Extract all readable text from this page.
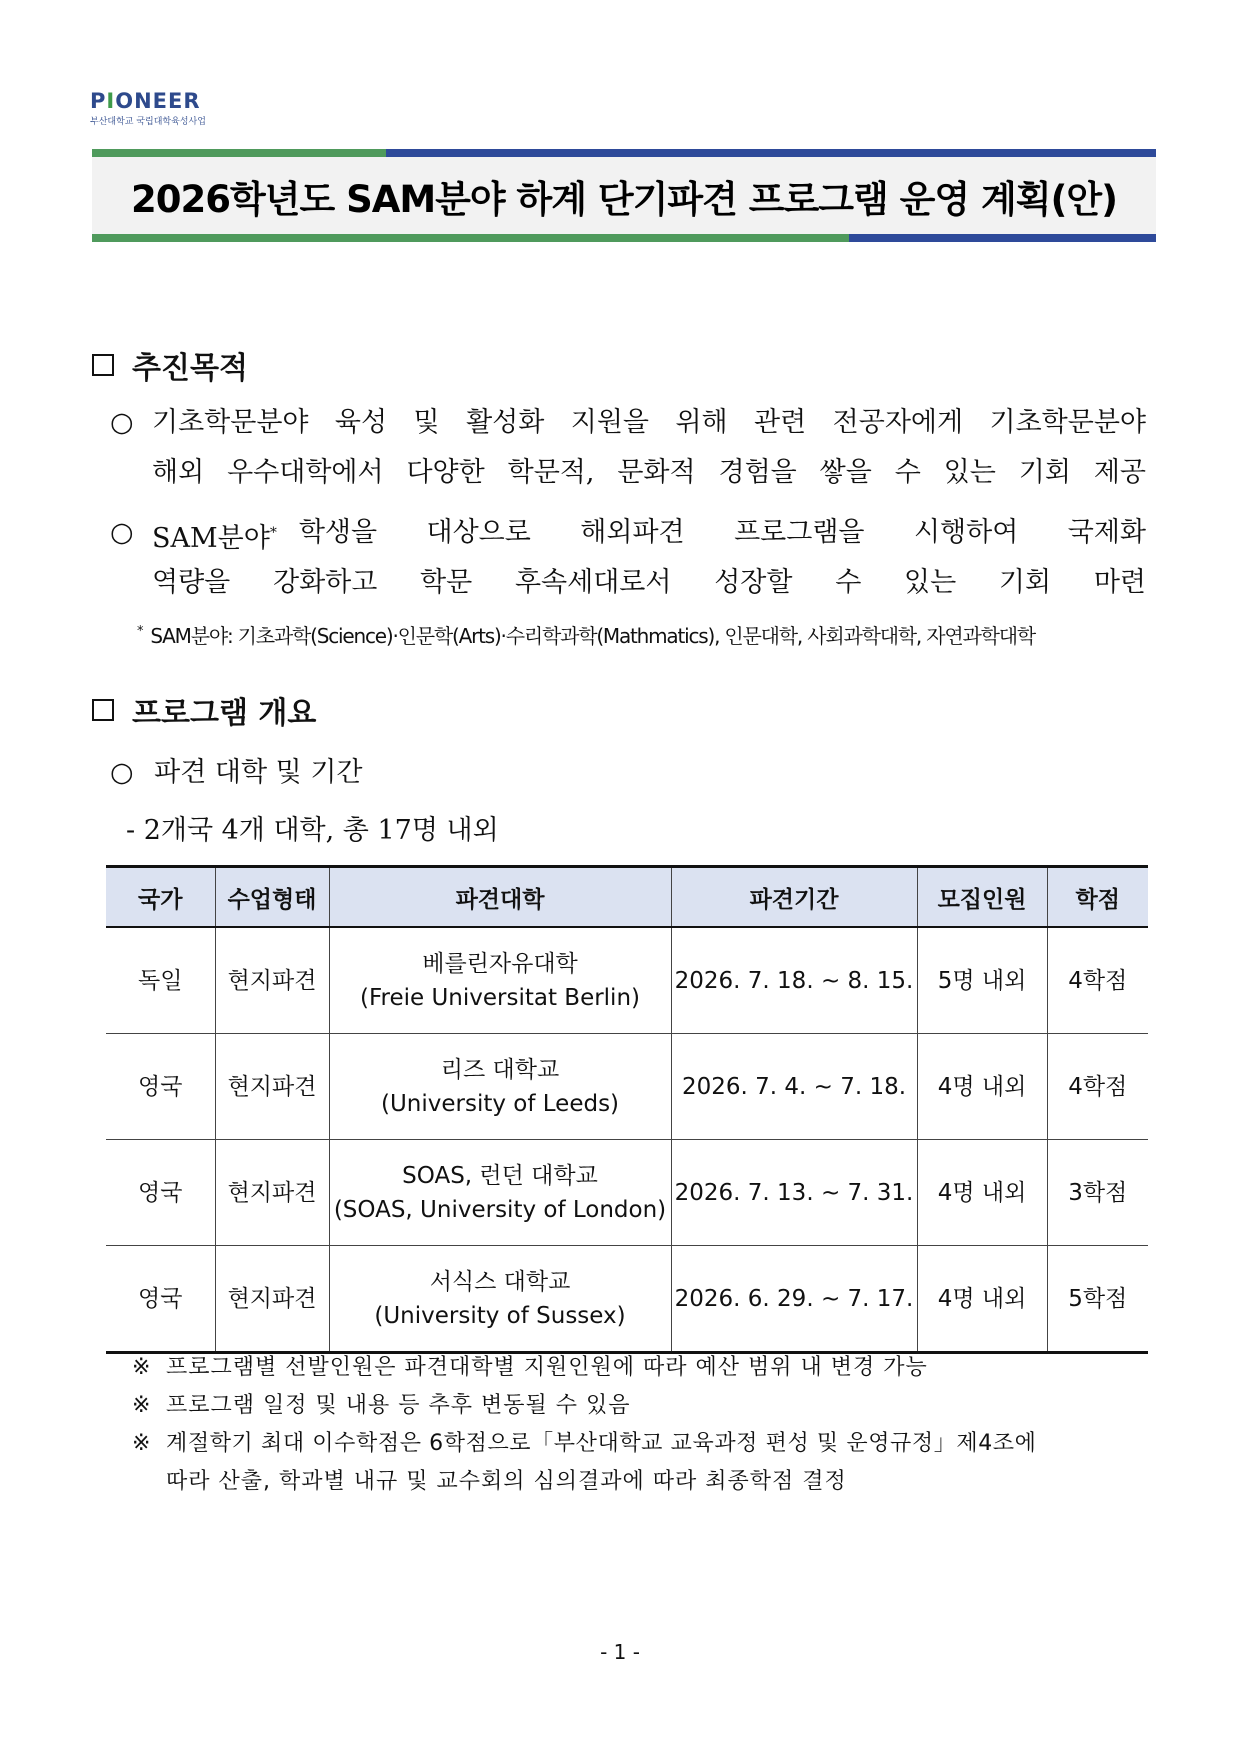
PIONEER
부산대학교 국립대학육성사업
2026학년도 SAM분야 하계 단기파견 프로그램 운영 계획(안)
추진목적
○ 기초학문분야 육성 및 활성화 지원을 위해 관련 전공자에게 기초학문분야
해외 우수대학에서 다양한 학문적, 문화적 경험을 쌓을 수 있는 기회 제공
○ SAM분야* 학생을 대상으로 해외파견 프로그램을 시행하여 국제화
역량을 강화하고 학문 후속세대로서 성장할 수 있는 기회 마련
* SAM분야: 기초과학(Science)·인문학(Arts)·수리학과학(Mathmatics), 인문대학, 사회과학대학, 자연과학대학
프로그램 개요
○ 파견 대학 및 기간
- 2개국 4개 대학, 총 17명 내외
국가	수업형태	파견대학	파견기간	모집인원	학점
독일	현지파견	베를린자유대학
(Freie Universitat Berlin)	2026. 7. 18. ~ 8. 15.	5명 내외	4학점
영국	현지파견	리즈 대학교
(University of Leeds)	2026. 7. 4. ~ 7. 18.	4명 내외	4학점
영국	현지파견	SOAS, 런던 대학교
(SOAS, University of London)	2026. 7. 13. ~ 7. 31.	4명 내외	3학점
영국	현지파견	서식스 대학교
(University of Sussex)	2026. 6. 29. ~ 7. 17.	4명 내외	5학점
※ 프로그램별 선발인원은 파견대학별 지원인원에 따라 예산 범위 내 변경 가능
※ 프로그램 일정 및 내용 등 추후 변동될 수 있음
※ 계절학기 최대 이수학점은 6학점으로「부산대학교 교육과정 편성 및 운영규정」제4조에
따라 산출, 학과별 내규 및 교수회의 심의결과에 따라 최종학점 결정
- 1 -
